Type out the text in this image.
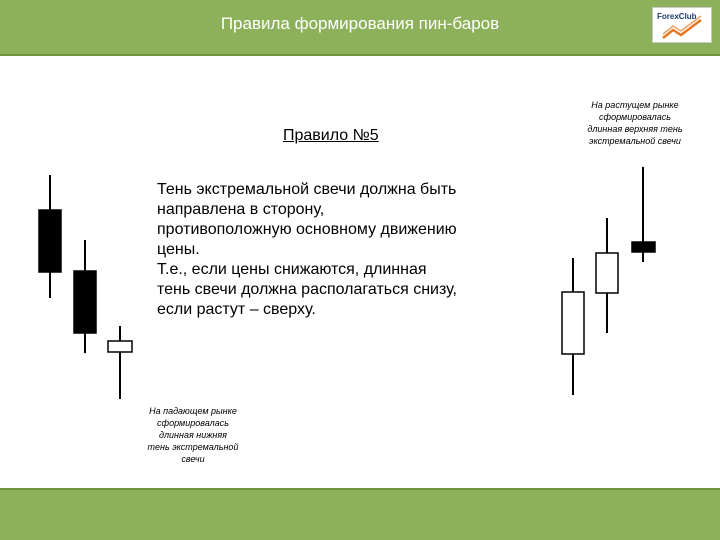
Правила формирования пин-баров	ForexClub
Правило №5
Тень экстремальной свечи должна быть
направлена в сторону,
противоположную основному движению
цены.
Т.е., если цены снижаются, длинная
тень свечи должна располагаться снизу,
если растут – сверху.
На падающем рынке
сформировалась
длинная нижняя
тень экстремальной
свечи
На растущем рынке
сформировалась
длинная верхняя тень
экстремальной свечи
